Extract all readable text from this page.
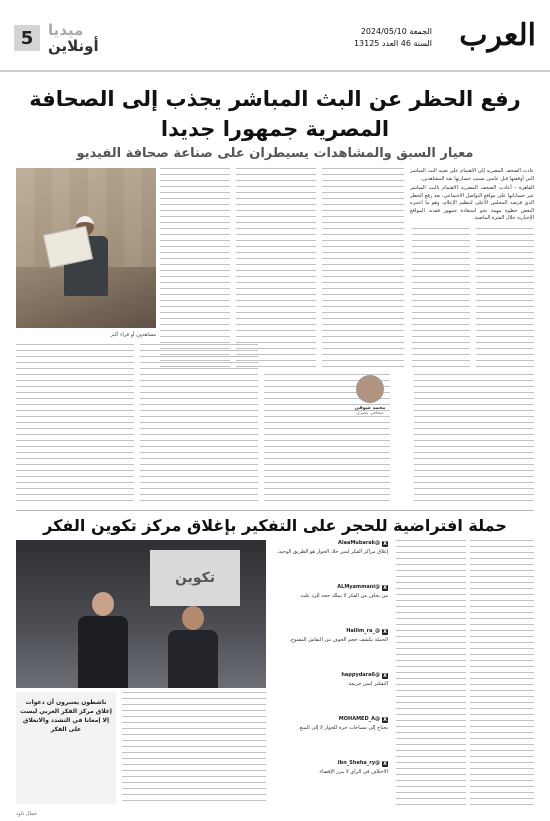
العرب
الجمعة 2024/05/10
السنة 46 العدد 13125
5 ميديا
أونلاين
رفع الحظر عن البث المباشر يجذب إلى الصحافة المصرية جمهورا جديدا
معيار السبق والمشاهدات يسيطران على صناعة صحافة الفيديو

عادت الصحف المصرية إلى الاهتمام على تقنية البث المباشر التي أوقفتها قبل عامين بسبب خسارتها ثقة المشاهدين.

القاهرة - أعادت الصحف المصرية الاهتمام بالبث المباشر عبر حساباتها على مواقع التواصل الاجتماعي، بعد رفع الحظر الذي فرضه المجلس الأعلى لتنظيم الإعلام، وهو ما اعتبره البعض خطوة مهمة نحو استعادة جمهور فقدته المواقع الإخبارية خلال الفترة الماضية.

مشاهدون أو قراء أكثر
محمد شوقي
صحافي مصري
حملة افتراضية للحجر على التفكير بإغلاق مركز تكوين الفكر
تكوين
ناشطون يعتبرون أن دعوات إغلاق مركز الفكر العربي ليست إلا إمعانا في التشدد والانغلاق على الفكر
X
@AlaaMubarak
إغلاق مراكز الفكر ليس حلا، الحوار هو الطريق الوحيد.
X
@ALMyammani
من يخاف من الفكر لا يملك حجة للرد عليه.
X
@_Hallim_ra
الحملة تكشف حجم الخوف من النقاش المفتوح.
X
@happydara6
التفكير ليس جريمة.
X
@MOHAMED_A
نحتاج إلى مساحات حرة للحوار لا إلى المنع.
X
@Ibn_Sheha_ry
الاختلاف في الرأي لا يبرر الإقصاء.
جمال داود
